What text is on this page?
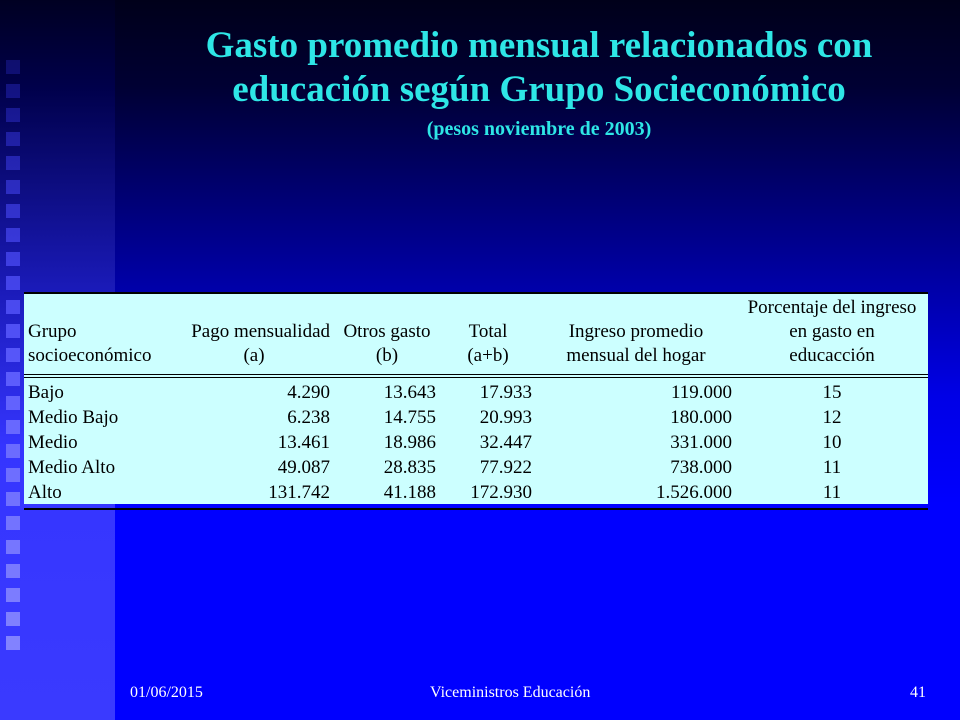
Gasto promedio mensual relacionados con
educación según Grupo Socieconómico
(pesos noviembre de 2003)
					Porcentaje del ingreso
Grupo	Pago mensualidad	Otros gasto	Total	Ingreso promedio	en gasto en
socioeconómico	(a)	(b)	(a+b)	mensual del hogar	educacción
Bajo	4.290	13.643	17.933	119.000	15
Medio Bajo	6.238	14.755	20.993	180.000	12
Medio	13.461	18.986	32.447	331.000	10
Medio Alto	49.087	28.835	77.922	738.000	11
Alto	131.742	41.188	172.930	1.526.000	11
01/06/2015	Viceministros Educación	41
